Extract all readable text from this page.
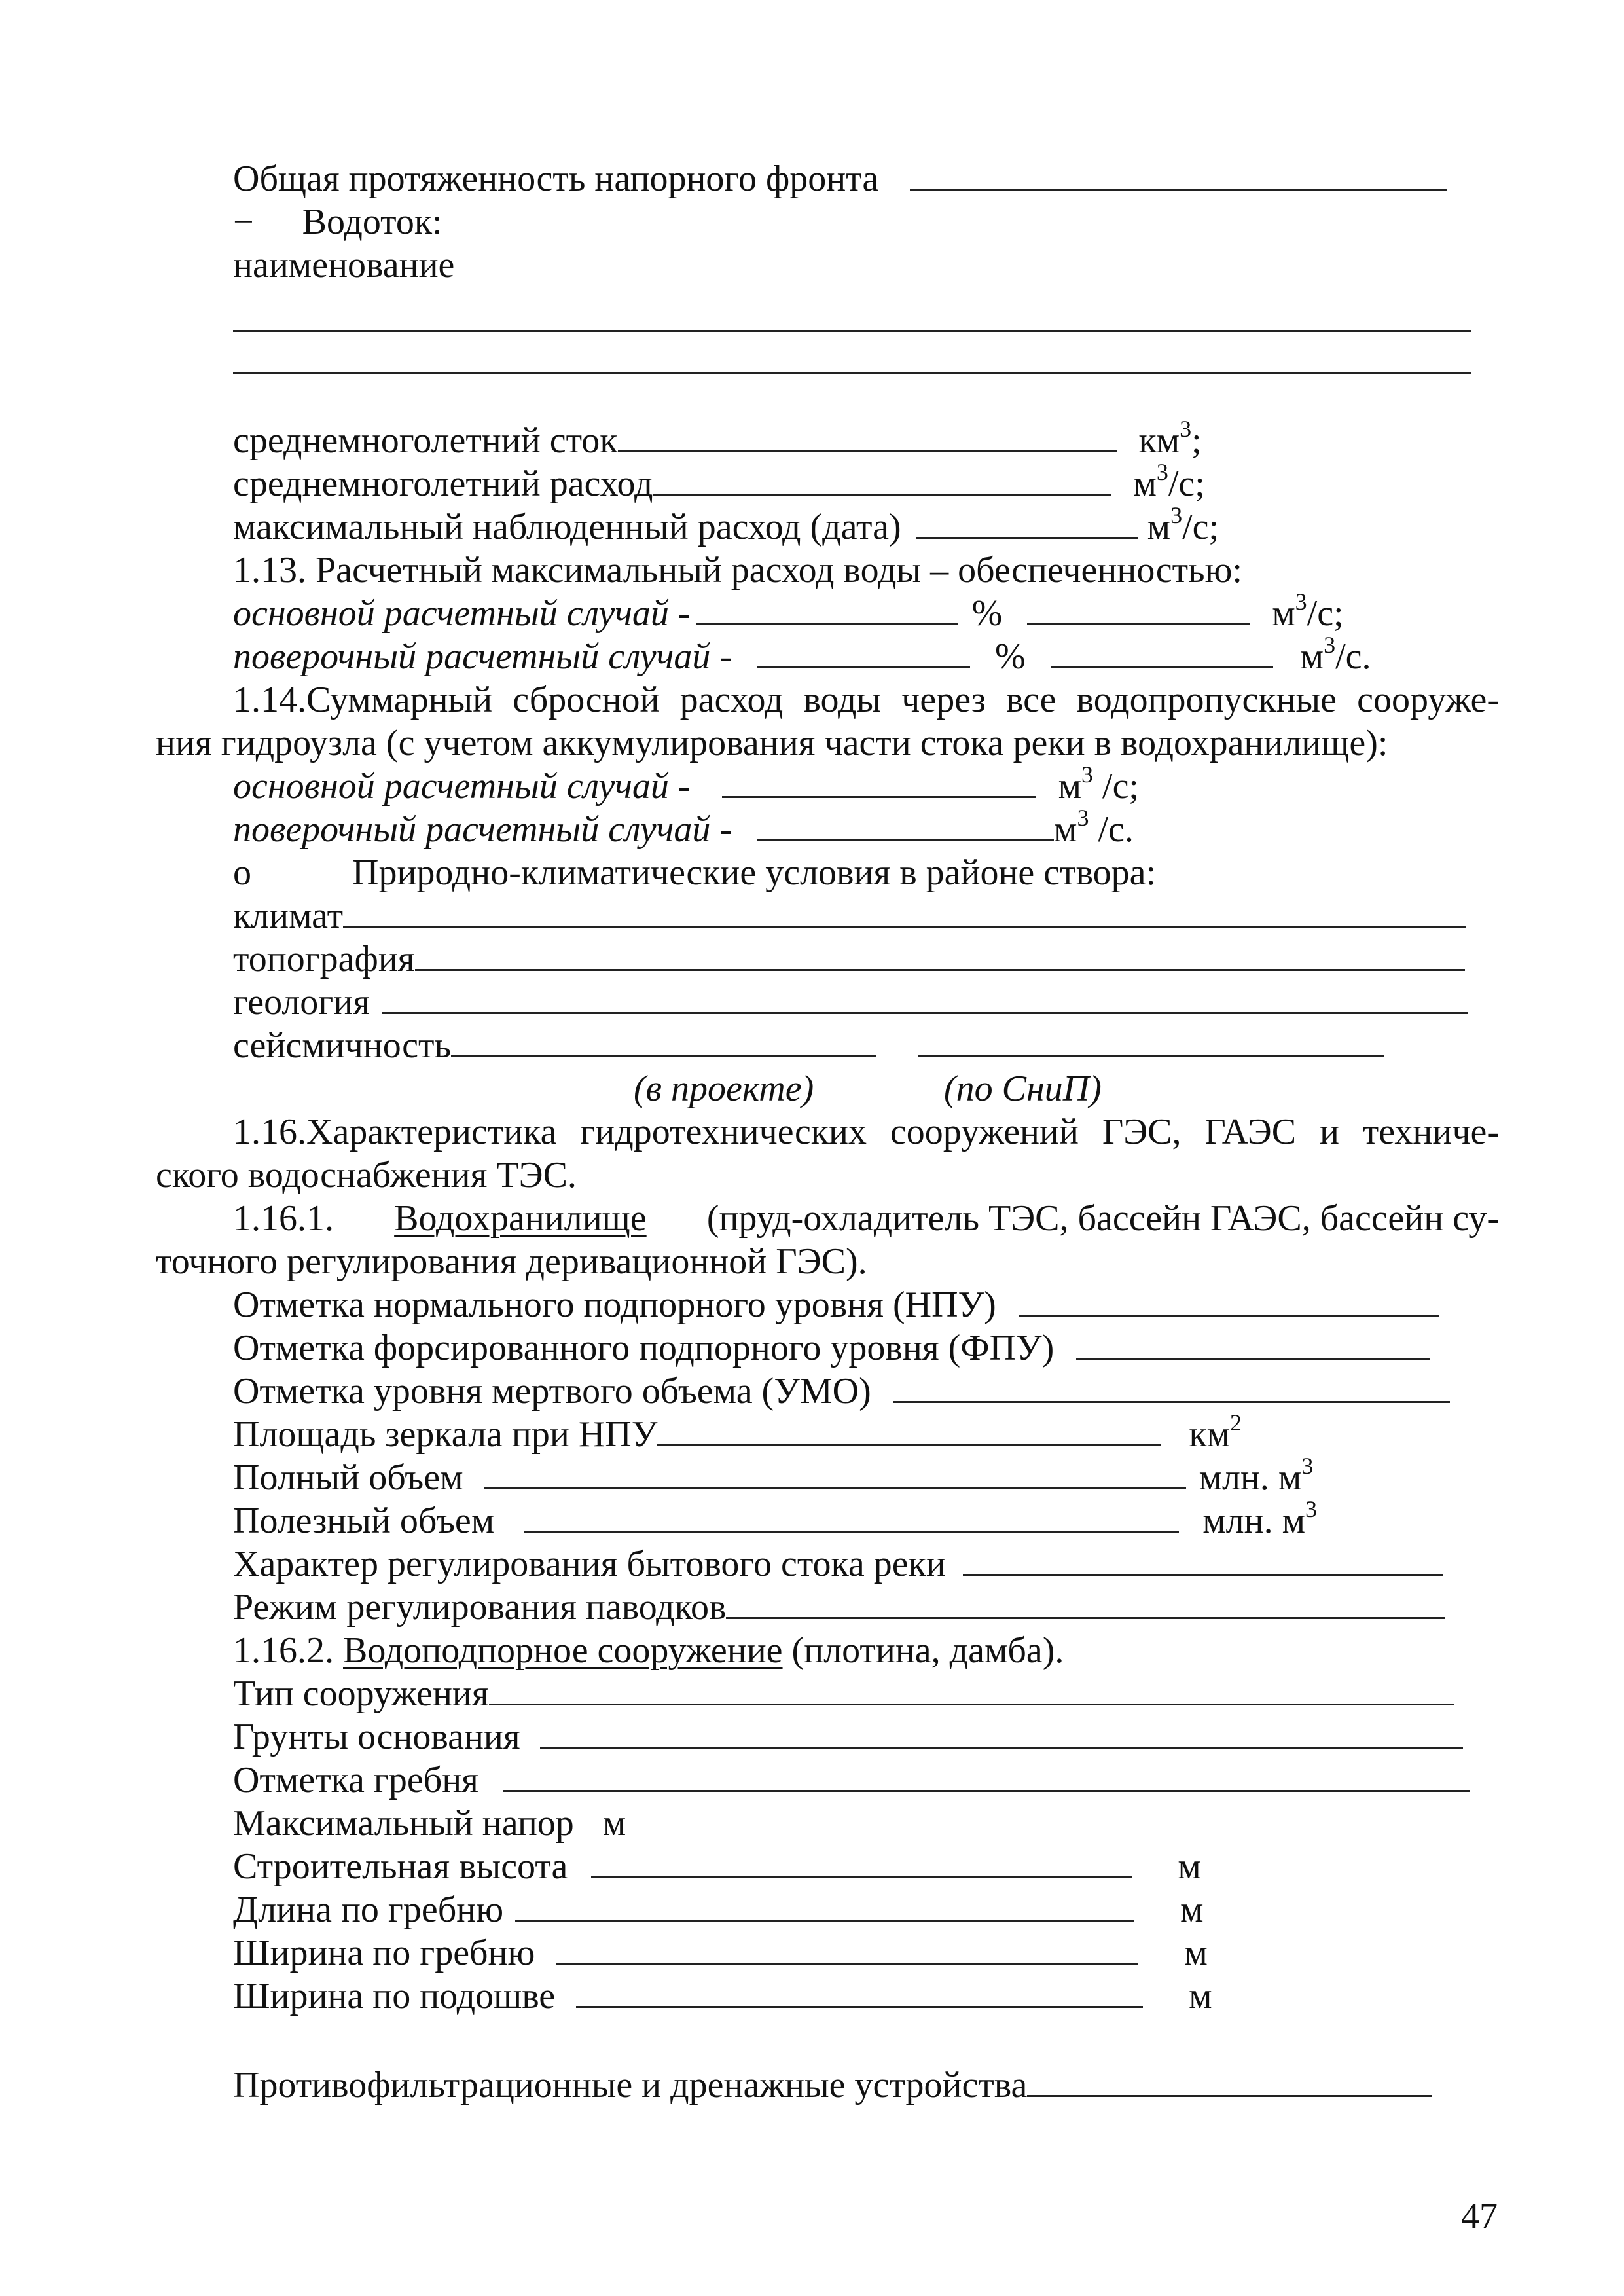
Общая протяженность напорного фронта
− Водоток:
наименование
среднемноголетний сток	$км^3$;
среднемноголетний расход	$м^3/с$;
максимальный наблюденный расход (дата)	$м^3/с$;
1.13. Расчетный максимальный расход воды – обеспеченностью:
основной расчетный случай -	%	$м^3/с$;
поверочный расчетный случай -	%	$м^3/с$.
1.14.Суммарный сбросной расход воды через все водопропускные сооруже-
ния гидроузла (с учетом аккумулирования части стока реки в водохранилище):
основной расчетный случай -	$м^3$ /с;
поверочный расчетный случай -	$м^3$ /с.
o	Природно-климатические условия в районе створа:
климат
топография
геология
сейсмичность
(в проекте)	(по СниП)
1.16.Характеристика гидротехнических сооружений ГЭС, ГАЭС и техниче-
ского водоснабжения ТЭС.
1.16.1. Водохранилище (пруд-охладитель ТЭС, бассейн ГАЭС, бассейн су-
точного регулирования деривационной ГЭС).
Отметка нормального подпорного уровня (НПУ)
Отметка форсированного подпорного уровня (ФПУ)
Отметка уровня мертвого объема (УМО)
Площадь зеркала при НПУ	$км^2$
Полный объем	млн. $м^3$
Полезный объем	млн. $м^3$
Характер регулирования бытового стока реки
Режим регулирования паводков
1.16.2. Водоподпорное сооружение (плотина, дамба).
Тип сооружения
Грунты основания
Отметка гребня
Максимальный напор м
Строительная высота	м
Длина по гребню	м
Ширина по гребню	м
Ширина по подошве	м
Противофильтрационные и дренажные устройства
47
